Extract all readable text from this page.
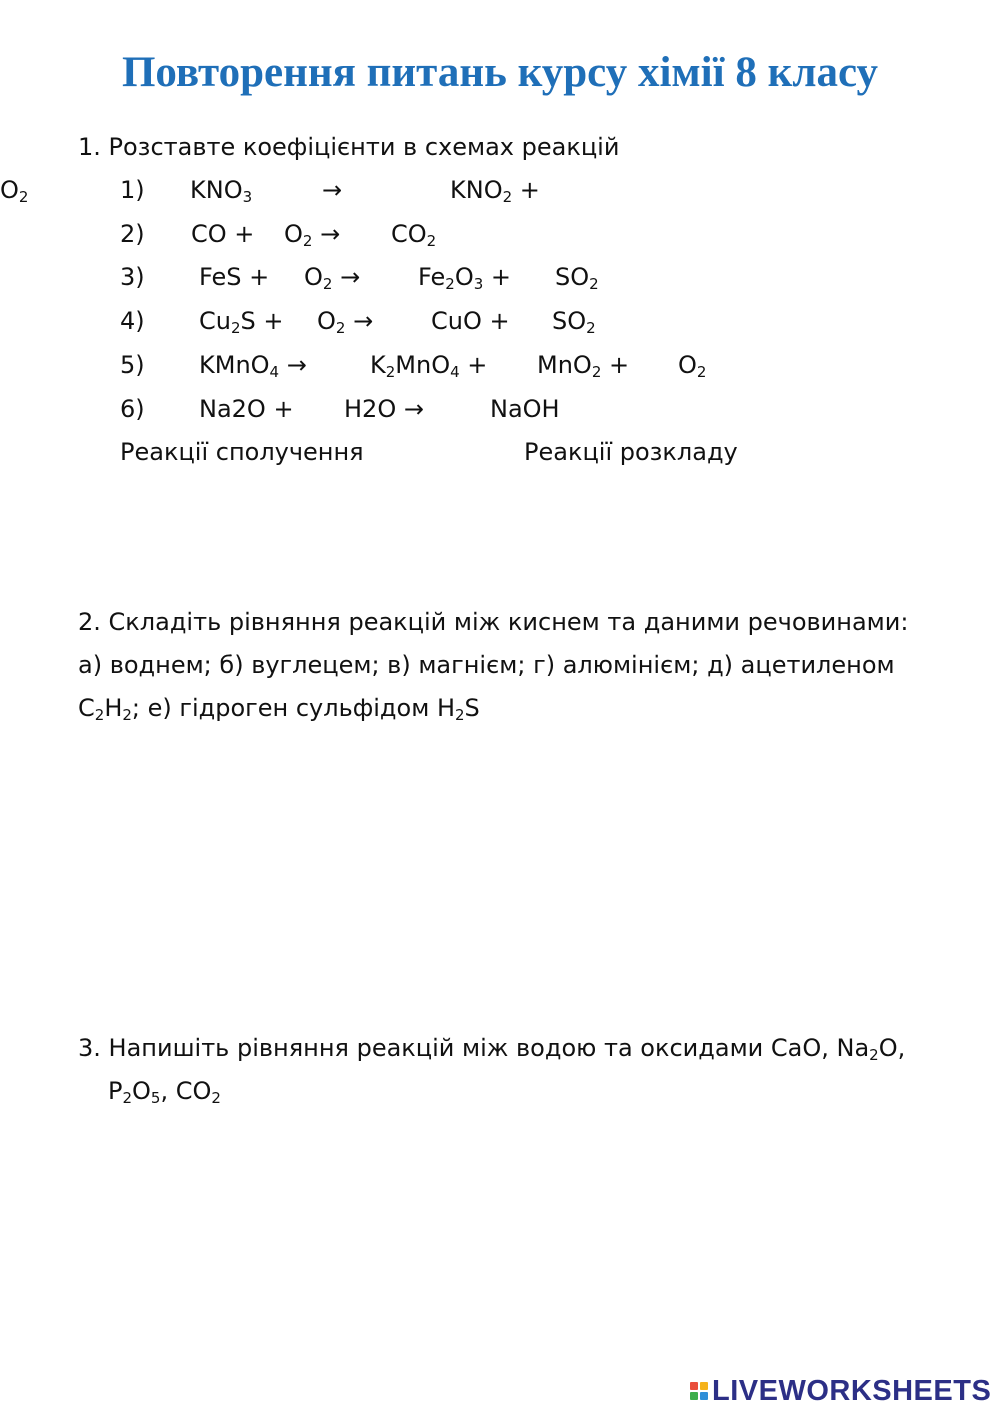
Повторення питань курсу хімії 8 класу
1. Розставте коефіцієнти в схемах реакцій
1) $KNO_3$	→	$KNO_2$ +
$O_2$
2) CO + $O_2 \to CO_2$
3) FeS + $O_2 \to Fe_2O_3 + SO_2$
4) $Cu_2S + O_2$ → CuO + $SO_2$
5) KMnO$_4$ →	$K_2MnO_4 + MnO_2 + O_2$
6) Na2O + H2O →	NaOH
Реакції сполучення	Реакції розкладу
2. Складіть рівняння реакцій між киснем та даними речовинами:
а) воднем; б) вуглецем; в) магнієм; г) алюмінієм; д) ацетиленом
$C_2H_2$; е) гідроген сульфідом $H_2S$
3. Напишіть рівняння реакцій між водою та оксидами CaO, $Na_2O$,
$P_2O_5$, $CO_2$
LIVEWORKSHEETS
